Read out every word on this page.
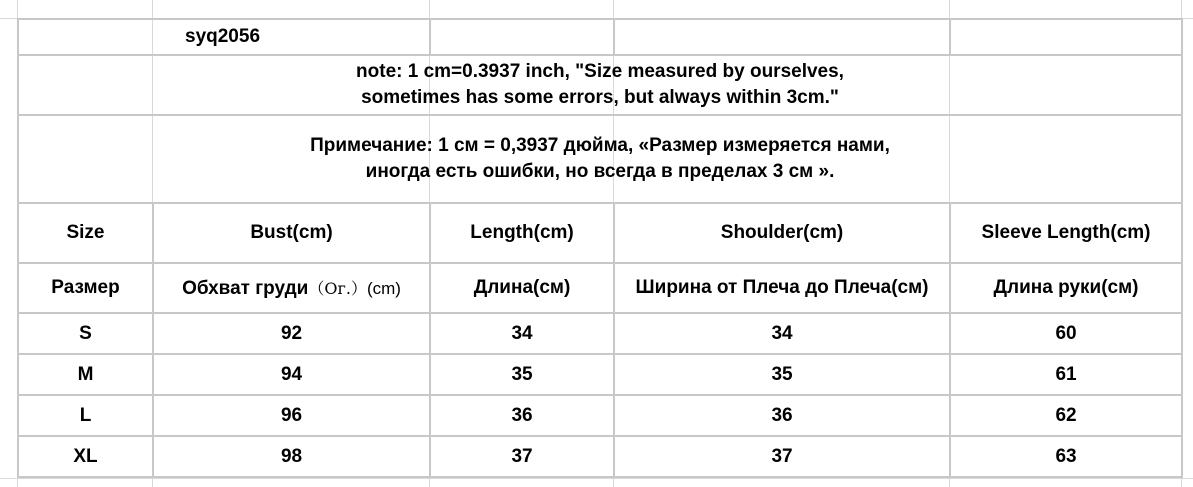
syq2056				

note: 1 cm=0.3937 inch, "Size measured by ourselves,
sometimes has some errors, but always within 3cm."				

Примечание: 1 см = 0,3937 дюйма, «Размер измеряется нами,
иногда есть ошибки, но всегда в пределах 3 см ».				

Size	Bust(cm)	Length(cm)	Shoulder(cm)	Sleeve Length(cm)
Размер	Обхват груди（Ог.）(cm)	Длина(см)	Ширина от Плеча до Плеча(см)	Длина руки(см)
S	92	34	34	60
M	94	35	35	61
L	96	36	36	62
XL	98	37	37	63
